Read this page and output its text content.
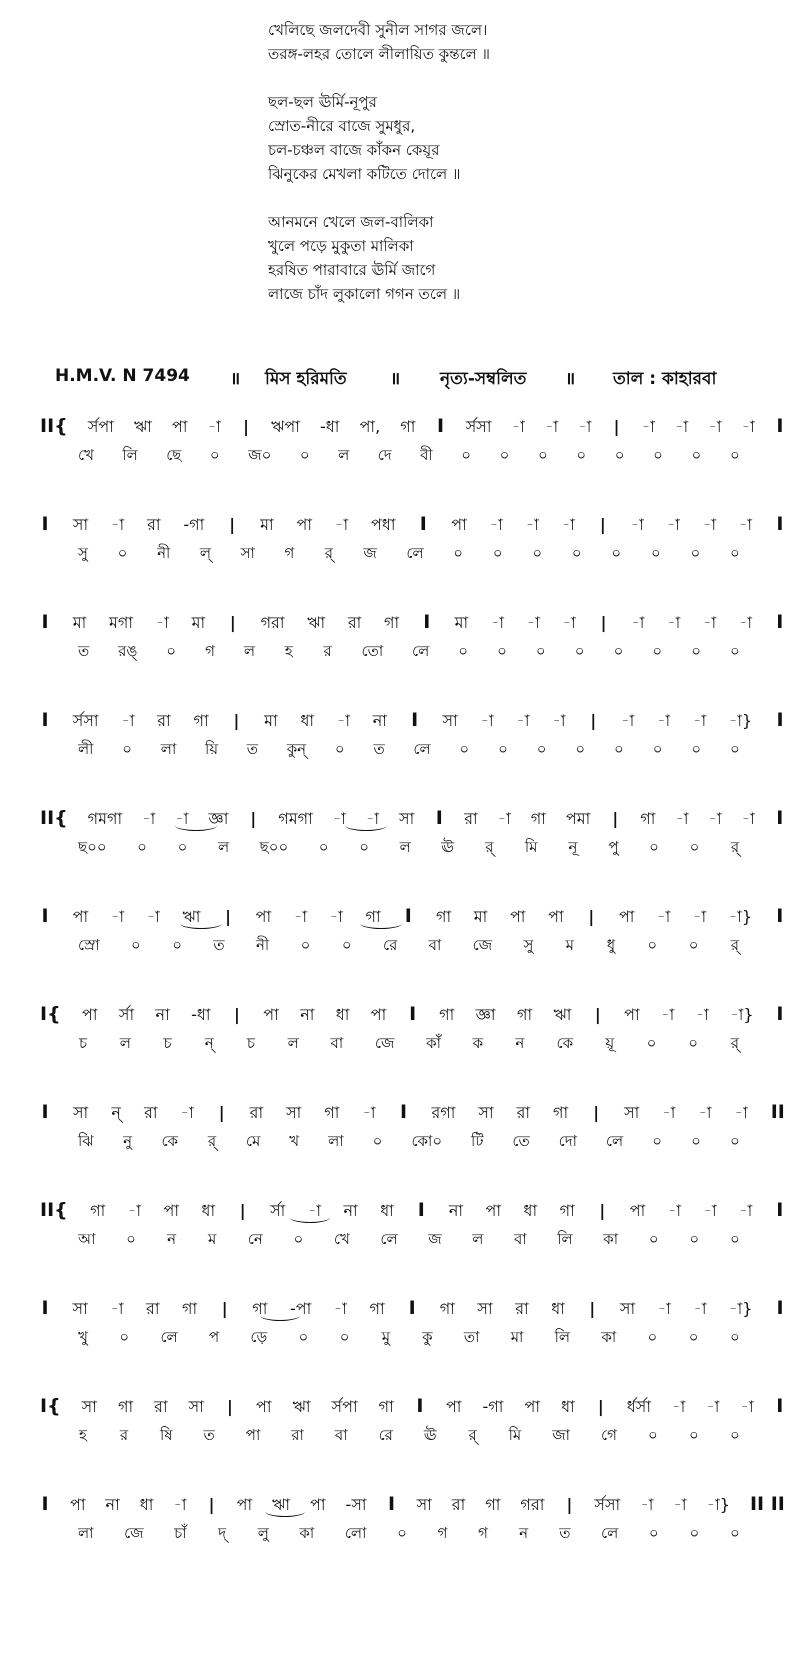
খেলিছে জলদেবী সুনীল সাগর জলে।
তরঙ্গ-লহর তোলে লীলায়িত কুন্তলে ॥
ছল-ছল ঊর্মি-নূপুর
স্রোত-নীরে বাজে সুমধুর,
চল-চঞ্চল বাজে কাঁকন কেয়ূর
ঝিনুকের মেখলা কটিতে দোলে ॥
আনমনে খেলে জল-বালিকা
খুলে পড়ে মুকুতা মালিকা
হরষিত পারাবারে ঊর্মি জাগে
লাজে চাঁদ লুকালো গগন তলে ॥
H.M.V. N 7494 ॥ মিস হরিমতি	॥ নৃত্য-সম্বলিত ॥ তাল : কাহারবা
II{ র্সপা ঋা পা -া | ঋপা -ধা পা, গা I র্সসা -া -া -া | -া -া -া -া I
খে লি ছে ০ জ০ ০ ল দে বী ০ ০ ০ ০ ০ ০ ০ ০
I সা -া রা -গা | মা পা -া পধা I পা -া -া -া | -া -া -া -া I
সু ০ নী ল্ সা গ র্ জ লে ০ ০ ০ ০ ০ ০ ০ ০
I মা মগা -া মা | গরা ঋা রা গা I মা -া -া -া | -া -া -া -া I
ত রঙ্ ০ গ ল হ র তো লে ০ ০ ০ ০ ০ ০ ০ ০
I র্সসা -া রা গা | মা ধা -া না I সা -া -া -া | -া -া -া -া} I
লী ০ লা য়ি ত কুন্ ০ ত লে ০ ০ ০ ০ ০ ০ ০ ০
II{ গমগা -া -া জ্ঞা | গমগা -া -া সা I রা -া গা পমা | গা -া -া -া I
ছ০০ ০ ০ ল ছ০০ ০ ০ ল ঊ র্ মি নূ পু ০ ০ র্
I পা -া -া ঋা | পা -া -া গা I গা মা পা পা | পা -া -া -া} I
স্রো ০ ০ ত নী ০ ০ রে বা জে সু ম ধু ০ ০ র্
I{ পা র্সা না -ধা | পা না ধা পা I গা জ্ঞা গা ঋা | পা -া -া -া} I
চ ল চ ন্ চ ল বা জে কাঁ ক ন কে য়ূ ০ ০ র্
I সা ন্ রা -া | রা সা গা -া I রগা সা রা গা | সা -া -া -া II
ঝি নু কে র্ মে খ লা ০ কো০ টি তে দো লে ০ ০ ০
II{ গা -া পা ধা | র্সা -া না ধা I না পা ধা গা | পা -া -া -া I
আ ০ ন ম নে ০ খে লে জ ল বা লি কা ০ ০ ০
I সা -া রা গা | গা -পা -া গা I গা সা রা ধা | সা -া -া -া} I
খু ০ লে প ড়ে ০ ০ মু কু তা মা লি কা ০ ০ ০
I{ সা গা রা সা | পা ঋা র্সপা গা I পা -গা পা ধা | র্ধর্সা -া -া -া I
হ র ষি ত পা রা বা রে ঊ র্ মি জা গে ০ ০ ০
I পা না ধা -া | পা ঋা পা -সা I সা রা গা গরা | র্সসা -া -া -া} II II
লা জে চাঁ দ্ লু কা লো ০ গ গ ন ত লে ০ ০ ০
